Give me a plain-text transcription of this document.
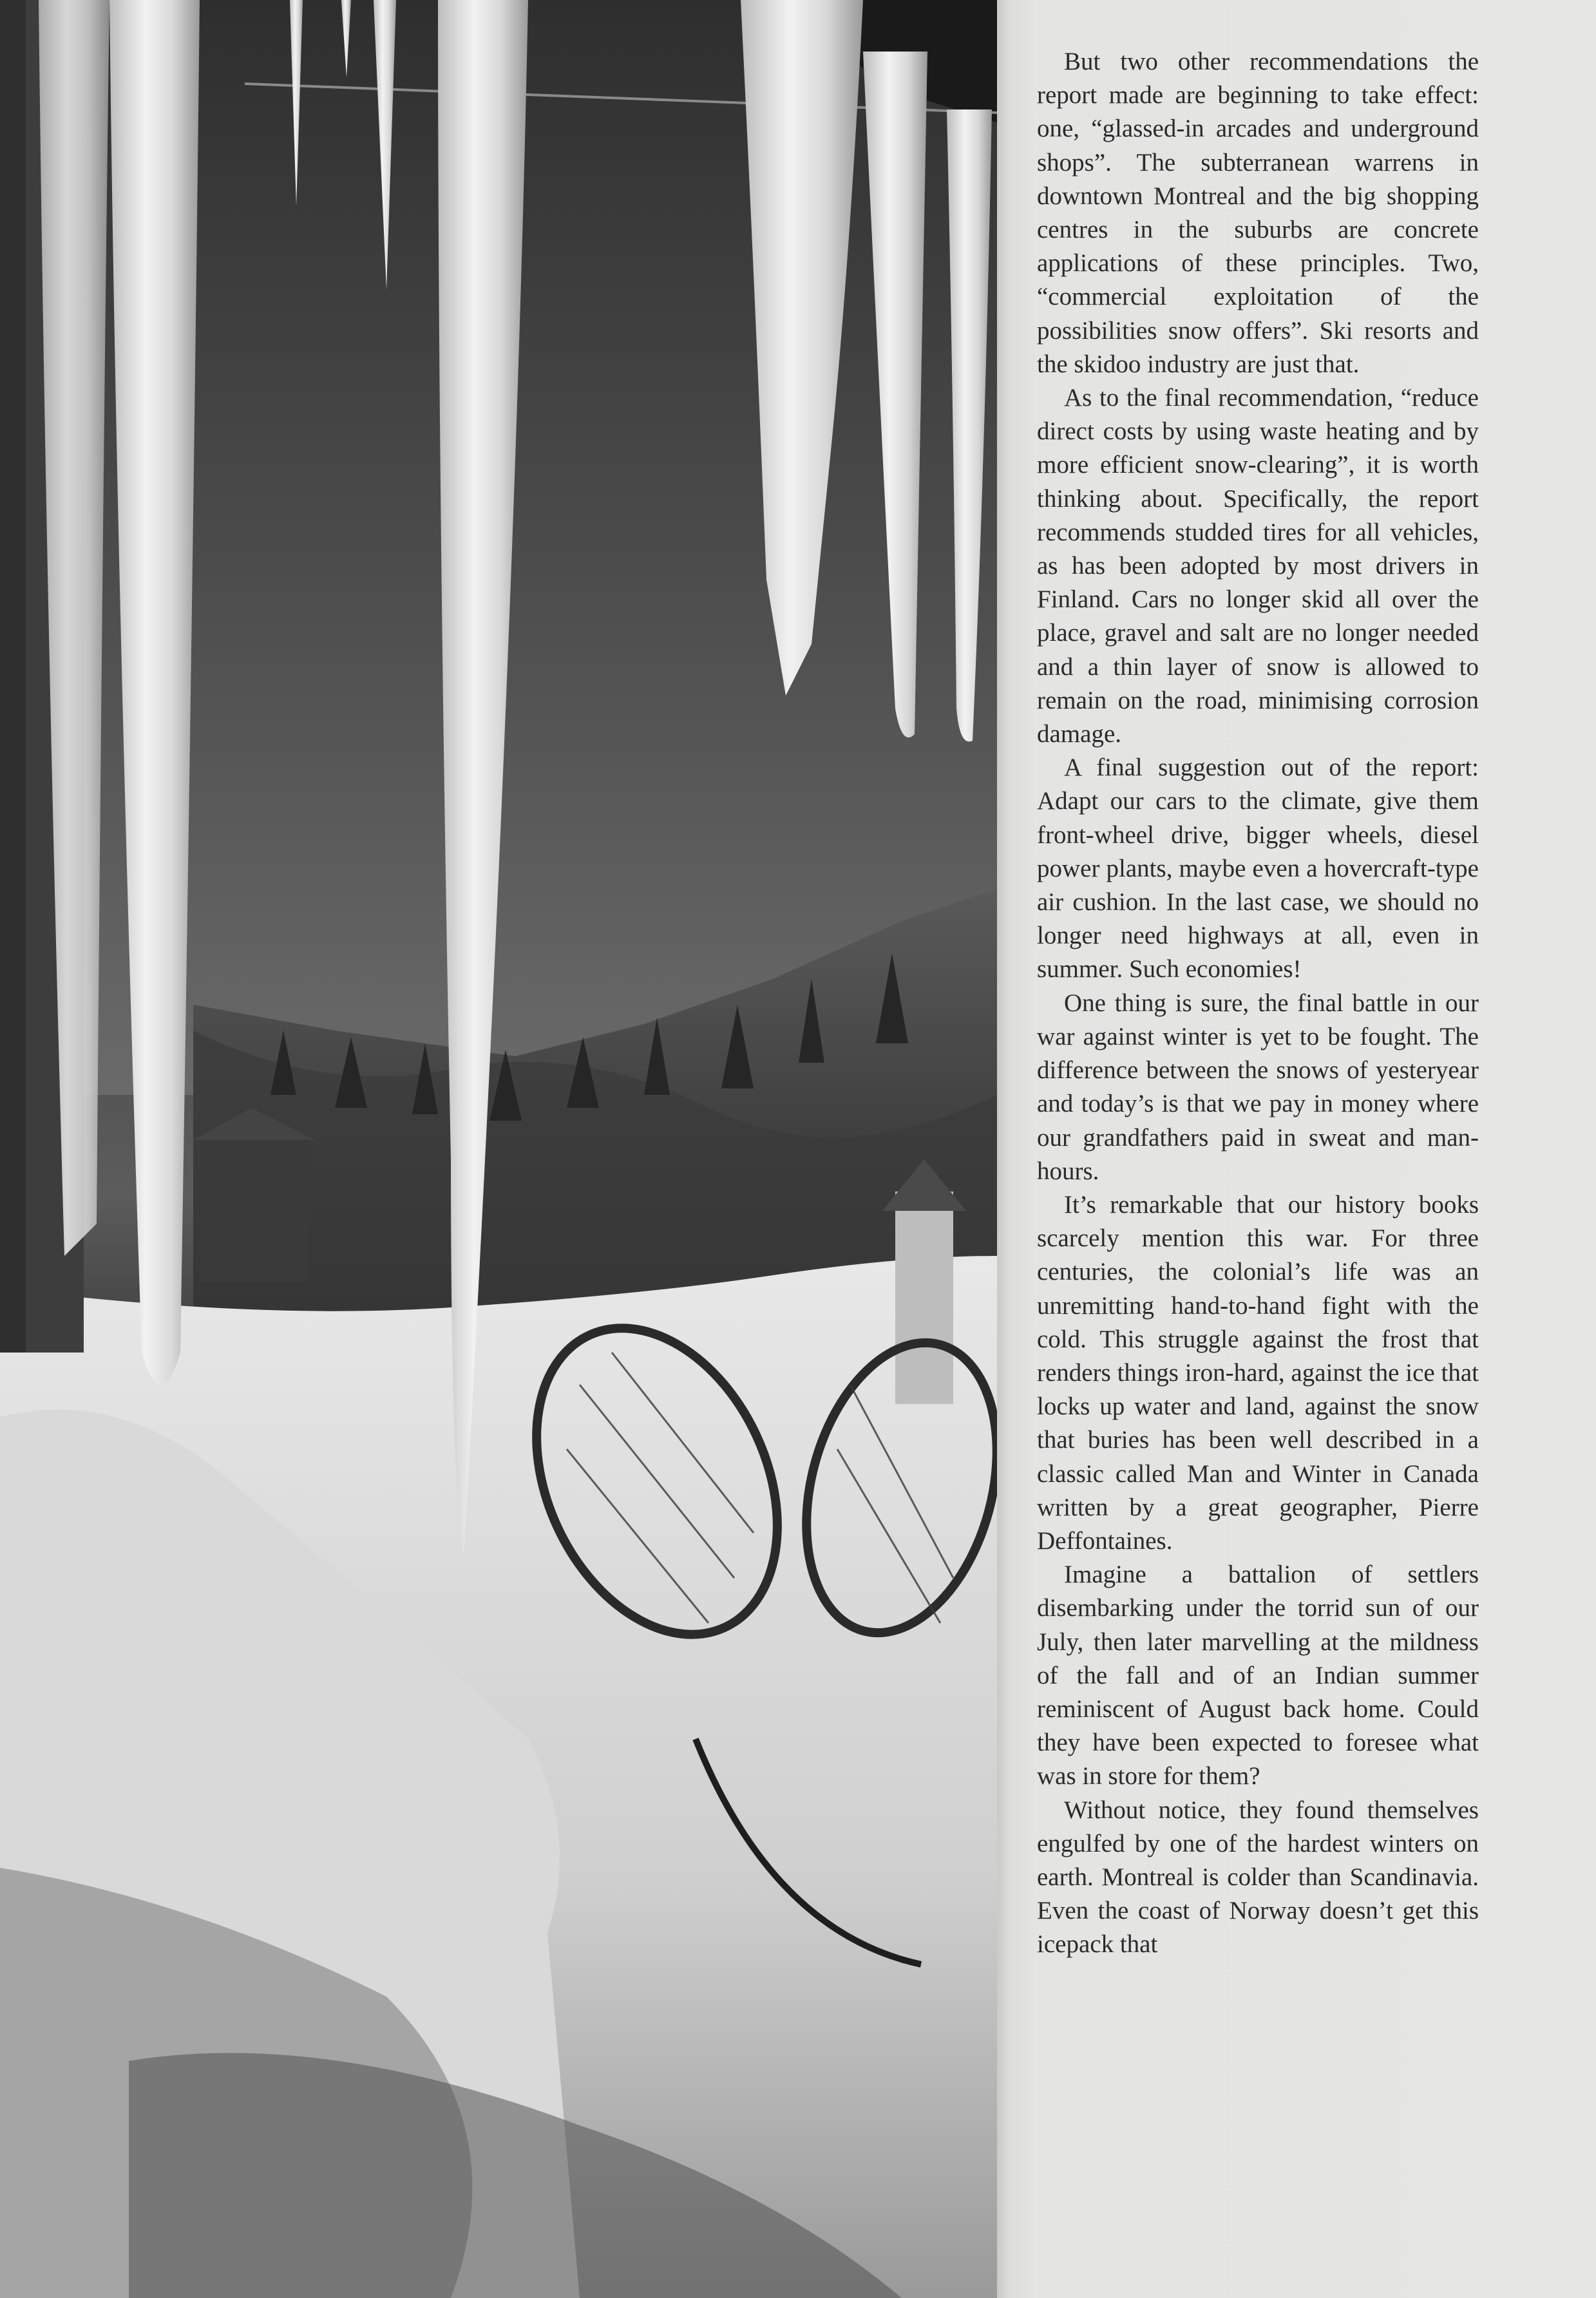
But two other recommendations the report made are beginning to take effect: one, “glassed-in arcades and underground shops”. The subterranean warrens in downtown Montreal and the big shopping centres in the suburbs are concrete applications of these principles. Two, “commercial exploitation of the possibilities snow offers”. Ski resorts and the skidoo industry are just that.

As to the final recommendation, “reduce direct costs by using waste heating and by more efficient snow-clearing”, it is worth thinking about. Specifically, the report recommends studded tires for all vehicles, as has been adopted by most drivers in Finland. Cars no longer skid all over the place, gravel and salt are no longer needed and a thin layer of snow is allowed to remain on the road, minimising corrosion damage.

A final suggestion out of the report: Adapt our cars to the climate, give them front-wheel drive, bigger wheels, diesel power plants, maybe even a hovercraft-type air cushion. In the last case, we should no longer need highways at all, even in summer. Such economies!

One thing is sure, the final battle in our war against winter is yet to be fought. The difference between the snows of yesteryear and today’s is that we pay in money where our grandfathers paid in sweat and man-hours.

It’s remarkable that our history books scarcely mention this war. For three centuries, the colonial’s life was an unremitting hand-to-hand fight with the cold. This struggle against the frost that renders things iron-hard, against the ice that locks up water and land, against the snow that buries has been well described in a classic called Man and Winter in Canada written by a great geographer, Pierre Deffontaines.

Imagine a battalion of settlers disembarking under the torrid sun of our July, then later marvelling at the mildness of the fall and of an Indian summer reminiscent of August back home. Could they have been expected to foresee what was in store for them?

Without notice, they found themselves engulfed by one of the hardest winters on earth. Montreal is colder than Scandinavia. Even the coast of Norway doesn’t get this icepack that
